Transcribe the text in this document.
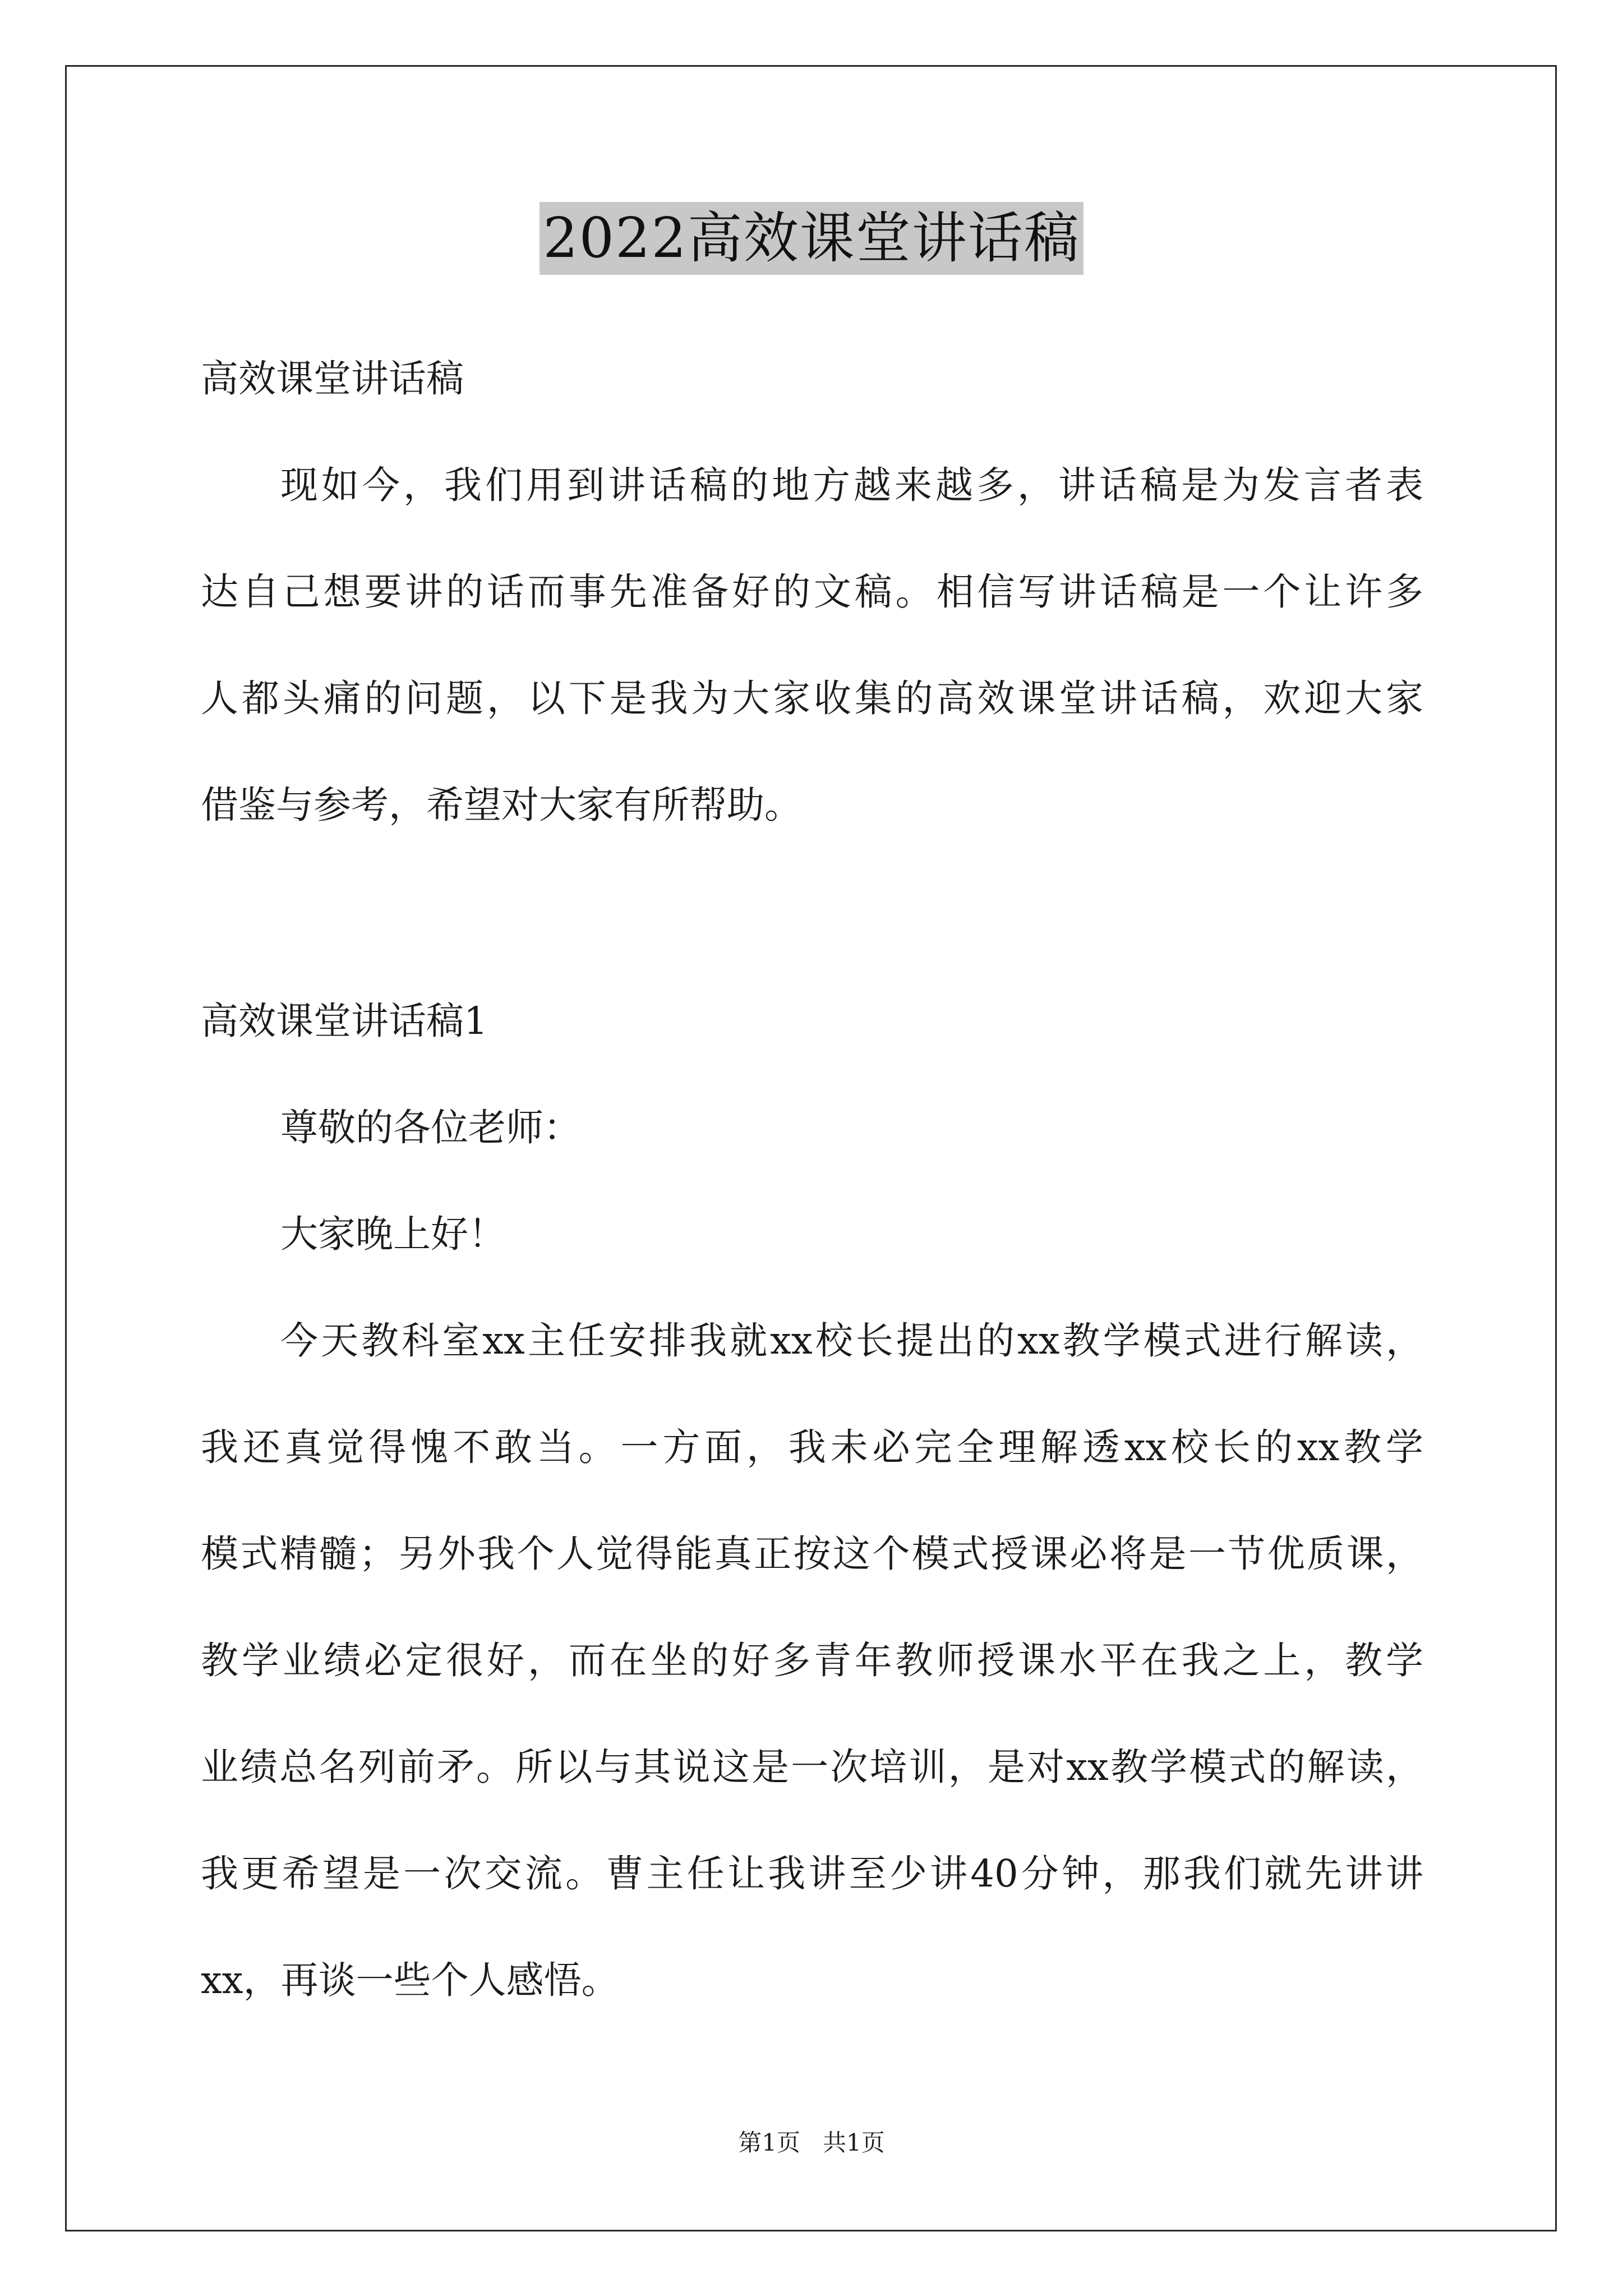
2022高效课堂讲话稿
高效课堂讲话稿
现如今，我们用到讲话稿的地方越来越多，讲话稿是为发言者表
达自己想要讲的话而事先准备好的文稿。相信写讲话稿是一个让许多
人都头痛的问题，以下是我为大家收集的高效课堂讲话稿，欢迎大家
借鉴与参考，希望对大家有所帮助。
高效课堂讲话稿1
尊敬的各位老师：
大家晚上好！
今天教科室xx主任安排我就xx校长提出的xx教学模式进行解读，
我还真觉得愧不敢当。一方面，我未必完全理解透xx校长的xx教学
模式精髓；另外我个人觉得能真正按这个模式授课必将是一节优质课，
教学业绩必定很好，而在坐的好多青年教师授课水平在我之上，教学
业绩总名列前矛。所以与其说这是一次培训，是对xx教学模式的解读，
我更希望是一次交流。曹主任让我讲至少讲40分钟，那我们就先讲讲
xx，再谈一些个人感悟。
第1页   共1页
